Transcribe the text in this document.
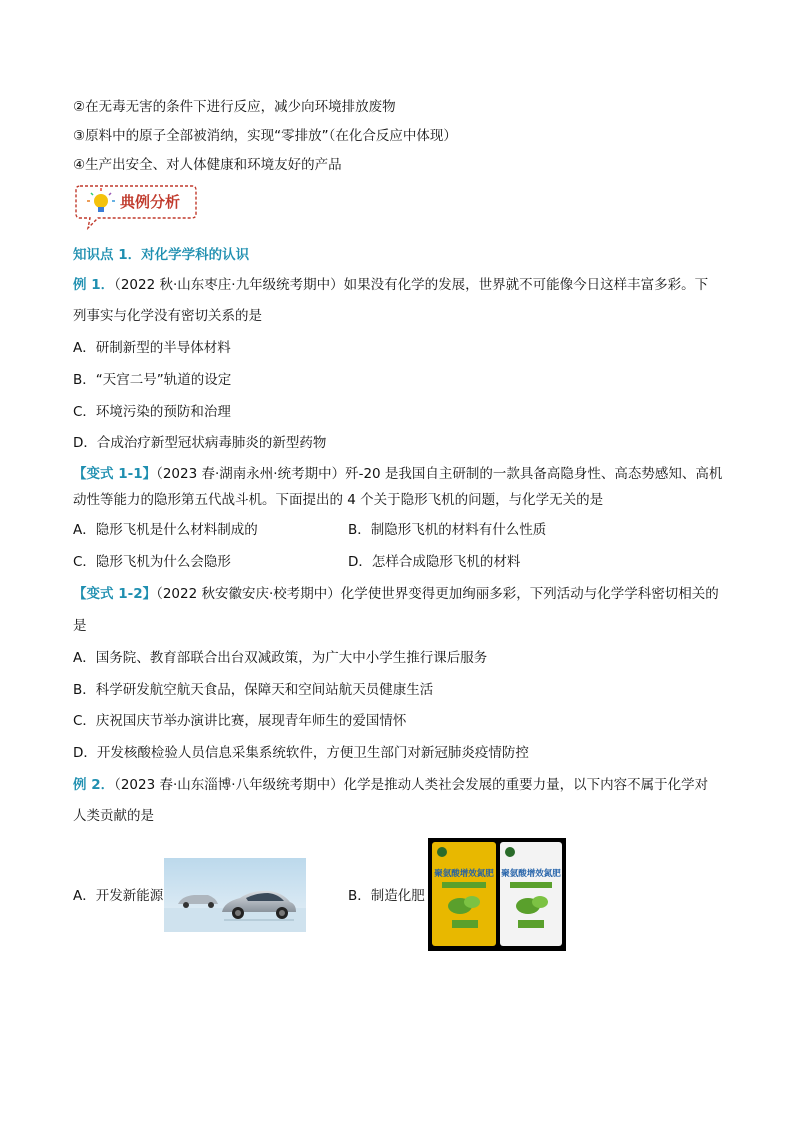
②在无毒无害的条件下进行反应，减少向环境排放废物
③原料中的原子全部被消纳，实现“零排放”（在化合反应中体现）
④生产出安全、对人体健康和环境友好的产品
典例分析
知识点 1．对化学学科的认识
例 1．（2022 秋·山东枣庄·九年级统考期中）如果没有化学的发展，世界就不可能像今日这样丰富多彩。下
列事实与化学没有密切关系的是
A．研制新型的半导体材料
B．“天宫二号”轨道的设定
C．环境污染的预防和治理
D．合成治疗新型冠状病毒肺炎的新型药物
【变式 1-1】（2023 春·湖南永州·统考期中）歼-20 是我国自主研制的一款具备高隐身性、高态势感知、高机
动性等能力的隐形第五代战斗机。下面提出的 4 个关于隐形飞机的问题，与化学无关的是
A．隐形飞机是什么材料制成的	B．制隐形飞机的材料有什么性质
C．隐形飞机为什么会隐形	D．怎样合成隐形飞机的材料
【变式 1-2】（2022 秋安徽安庆·校考期中）化学使世界变得更加绚丽多彩，下列活动与化学学科密切相关的
是
A．国务院、教育部联合出台双减政策，为广大中小学生推行课后服务
B．科学研发航空航天食品，保障天和空间站航天员健康生活
C．庆祝国庆节举办演讲比赛，展现青年师生的爱国情怀
D．开发核酸检验人员信息采集系统软件，方便卫生部门对新冠肺炎疫情防控
例 2．（2023 春·山东淄博·八年级统考期中）化学是推动人类社会发展的重要力量，以下内容不属于化学对
人类贡献的是
A．开发新能源	B．制造化肥
聚氨酸增效氮肥 聚氨酸增效氮肥
